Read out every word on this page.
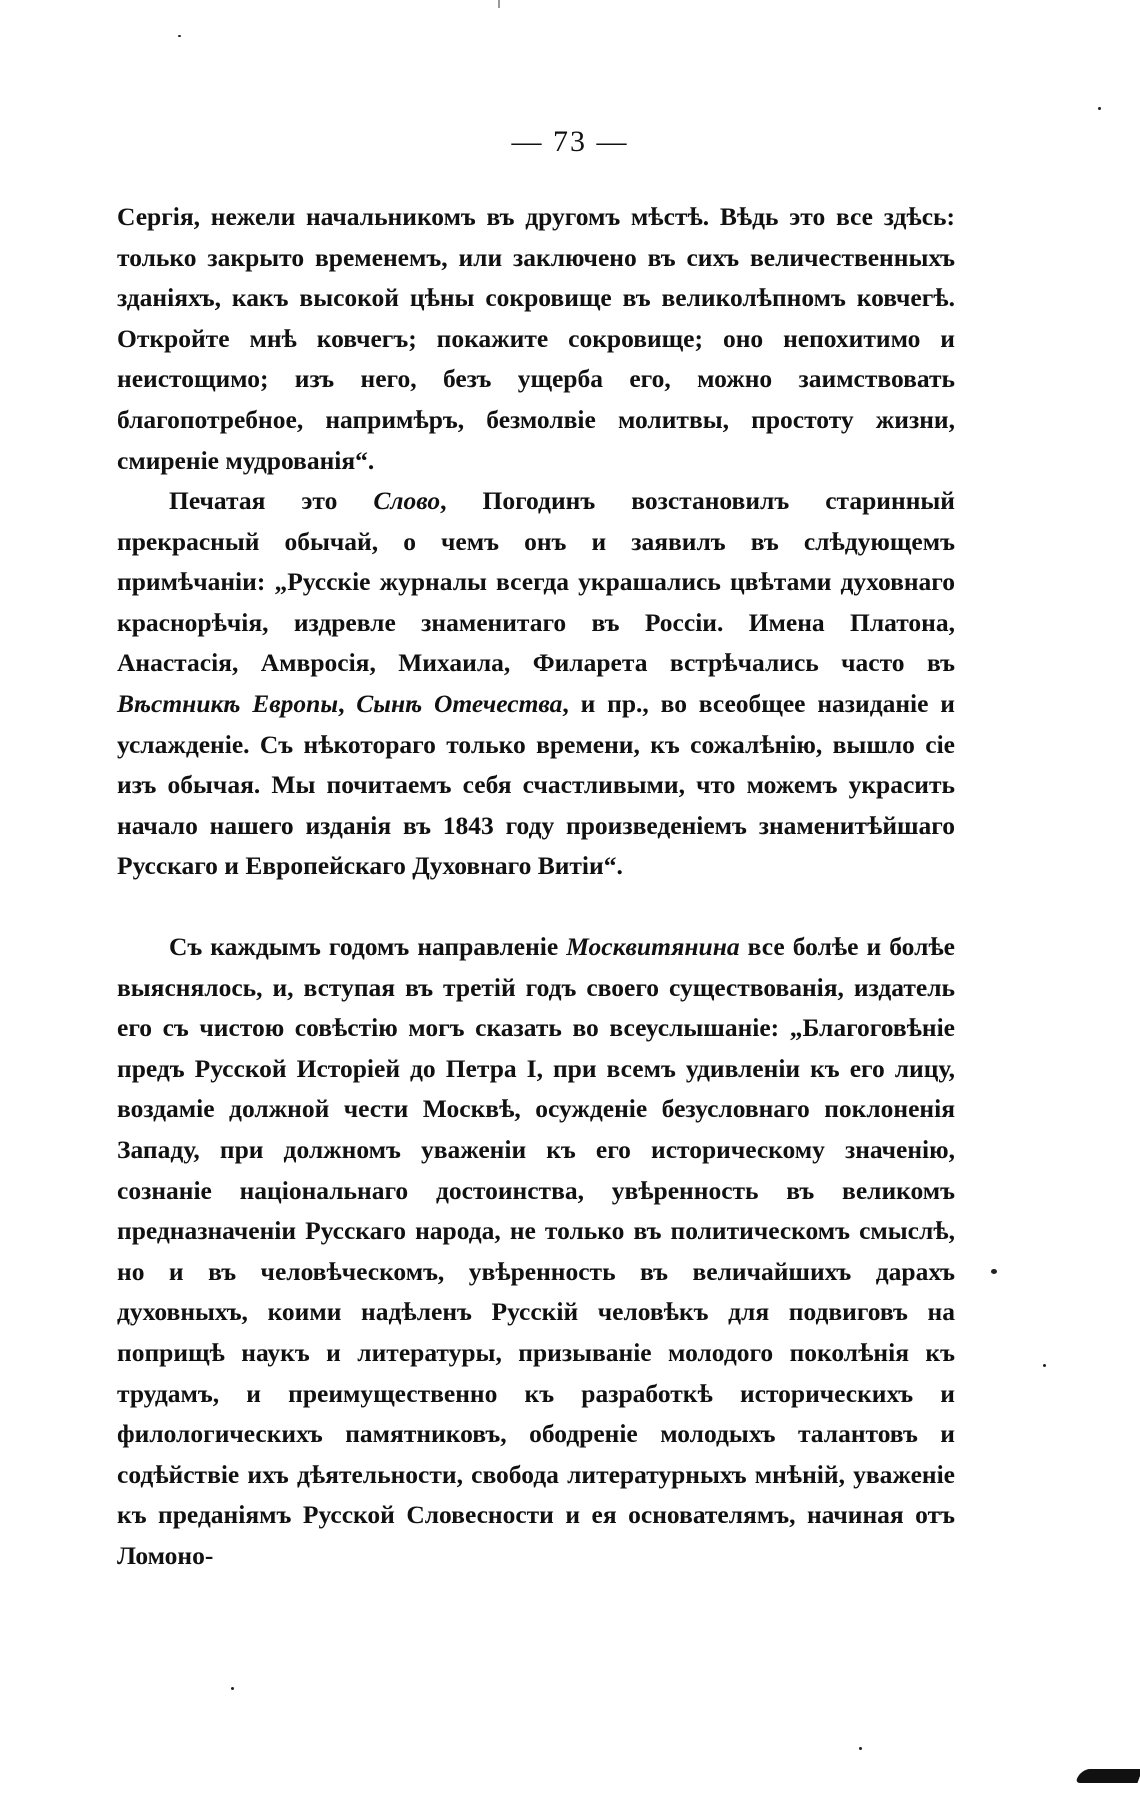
— 73 —

Сергія, нежели начальникомъ въ другомъ мѣстѣ. Вѣдь это все здѣсь: только закрыто временемъ, или заключено въ сихъ величественныхъ зданіяхъ, какъ высокой цѣны сокровище въ великолѣпномъ ковчегѣ. Откройте мнѣ ковчегъ; покажите сокровище; оно непохитимо и неистощимо; изъ него, безъ ущерба его, можно заимствовать благопотребное, напримѣръ, безмолвіе молитвы, простоту жизни, смиреніе мудрованія“.

Печатая это Слово, Погодинъ возстановилъ старинный прекрасный обычай, о чемъ онъ и заявилъ въ слѣдующемъ примѣчаніи: „Русскіе журналы всегда украшались цвѣтами духовнаго краснорѣчія, издревле знаменитаго въ Россіи. Имена Платона, Анастасія, Амвросія, Михаила, Филарета встрѣчались часто въ Вѣстникѣ Европы, Сынѣ Отечества, и пр., во всеобщее назиданіе и услажденіе. Съ нѣкотораго только времени, къ сожалѣнію, вышло сіе изъ обычая. Мы почитаемъ себя счастливыми, что можемъ украсить начало нашего изданія въ 1843 году произведеніемъ знаменитѣйшаго Русскаго и Европейскаго Духовнаго Витіи“.

Съ каждымъ годомъ направленіе Москвитянина все болѣе и болѣе выяснялось, и, вступая въ третій годъ своего существованія, издатель его съ чистою совѣстію могъ сказать во всеуслышаніе: „Благоговѣніе предъ Русской Исторіей до Петра I, при всемъ удивленіи къ его лицу, воздаміе должной чести Москвѣ, осужденіе безусловнаго поклоненія Западу, при должномъ уваженіи къ его историческому значенію, сознаніе національнаго достоинства, увѣренность въ великомъ предназначеніи Русскаго народа, не только въ политическомъ смыслѣ, но и въ человѣческомъ, увѣренность въ величайшихъ дарахъ духовныхъ, коими надѣленъ Русскій человѣкъ для подвиговъ на поприщѣ наукъ и литературы, призываніе молодого поколѣнія къ трудамъ, и преимущественно къ разработкѣ историческихъ и филологическихъ памятниковъ, ободреніе молодыхъ талантовъ и содѣйствіе ихъ дѣятельности, свобода литературныхъ мнѣній, уваженіе къ преданіямъ Русской Словесности и ея основателямъ, начиная отъ Ломоно-
